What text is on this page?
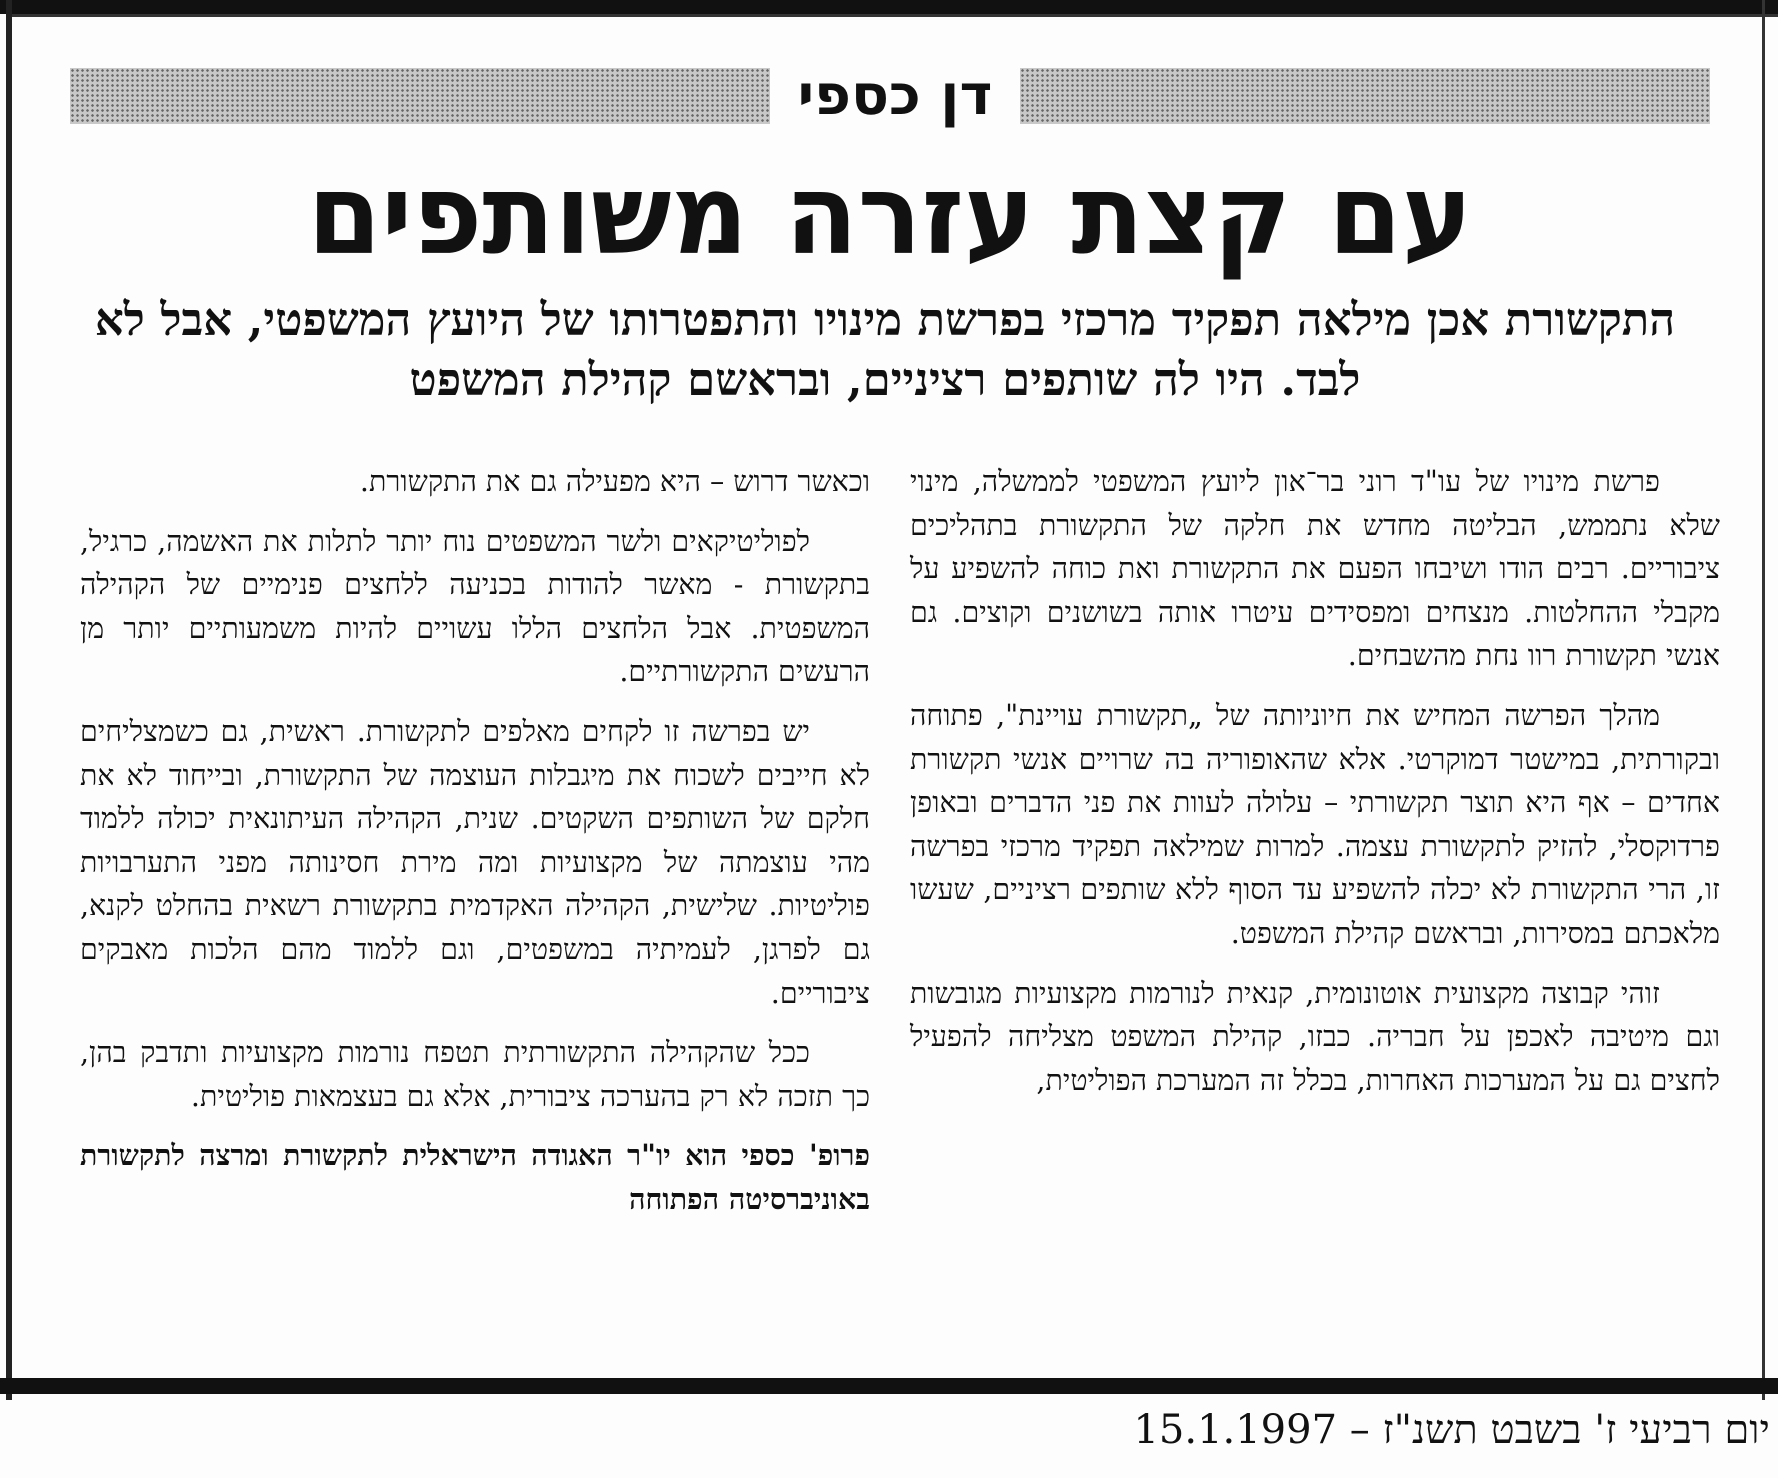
דן כספי
עם קצת עזרה משותפים
התקשורת אכן מילאה תפקיד מרכזי בפרשת מינויו והתפטרותו של היועץ המשפטי, אבל לא לבד. היו לה שותפים רציניים, ובראשם קהילת המשפט

פרשת מינויו של עו"ד רוני בר־און ליועץ המשפטי לממשלה, מינוי שלא נתממש, הבליטה מחדש את חלקה של התקשורת בתהליכים ציבוריים. רבים הודו ושיבחו הפעם את התקשורת ואת כוחה להשפיע על מקבלי ההחלטות. מנצחים ומפסידים עיטרו אותה בשושנים וקוצים. גם אנשי תקשורת רוו נחת מהשבחים.

מהלך הפרשה המחיש את חיוניותה של „תקשורת עויינת", פתוחה ובקורתית, במישטר דמוקרטי. אלא שהאופוריה בה שרויים אנשי תקשורת אחדים – אף היא תוצר תקשורתי – עלולה לעוות את פני הדברים ובאופן פרדוקסלי, להזיק לתקשורת עצמה. למרות שמילאה תפקיד מרכזי בפרשה זו, הרי התקשורת לא יכלה להשפיע עד הסוף ללא שותפים רציניים, שעשו מלאכתם במסירות, ובראשם קהילת המשפט.

זוהי קבוצה מקצועית אוטונומית, קנאית לנורמות מקצועיות מגובשות וגם מיטיבה לאכפן על חבריה. כבזו, קהילת המשפט מצליחה להפעיל לחצים גם על המערכות האחרות, בכלל זה המערכת הפוליטית,

וכאשר דרוש – היא מפעילה גם את התקשורת.

לפוליטיקאים ולשר המשפטים נוח יותר לתלות את האשמה, כרגיל, בתקשורת - מאשר להודות בכניעה ללחצים פנימיים של הקהילה המשפטית. אבל הלחצים הללו עשויים להיות משמעותיים יותר מן הרעשים התקשורתיים.

יש בפרשה זו לקחים מאלפים לתקשורת. ראשית, גם כשמצליחים לא חייבים לשכוח את מיגבלות העוצמה של התקשורת, ובייחוד לא את חלקם של השותפים השקטים. שנית, הקהילה העיתונאית יכולה ללמוד מהי עוצמתה של מקצועיות ומה מירת חסינותה מפני התערבויות פוליטיות. שלישית, הקהילה האקדמית בתקשורת רשאית בהחלט לקנא, גם לפרגן, לעמיתיה במשפטים, וגם ללמוד מהם הלכות מאבקים ציבוריים.

ככל שהקהילה התקשורתית תטפח נורמות מקצועיות ותדבק בהן, כך תזכה לא רק בהערכה ציבורית, אלא גם בעצמאות פוליטית.

פרופ' כספי הוא יו"ר האגודה הישראלית לתקשורת ומרצה לתקשורת באוניברסיטה הפתוחה

יום רביעי ז' בשבט תשנ"ז – 15.1.1997
